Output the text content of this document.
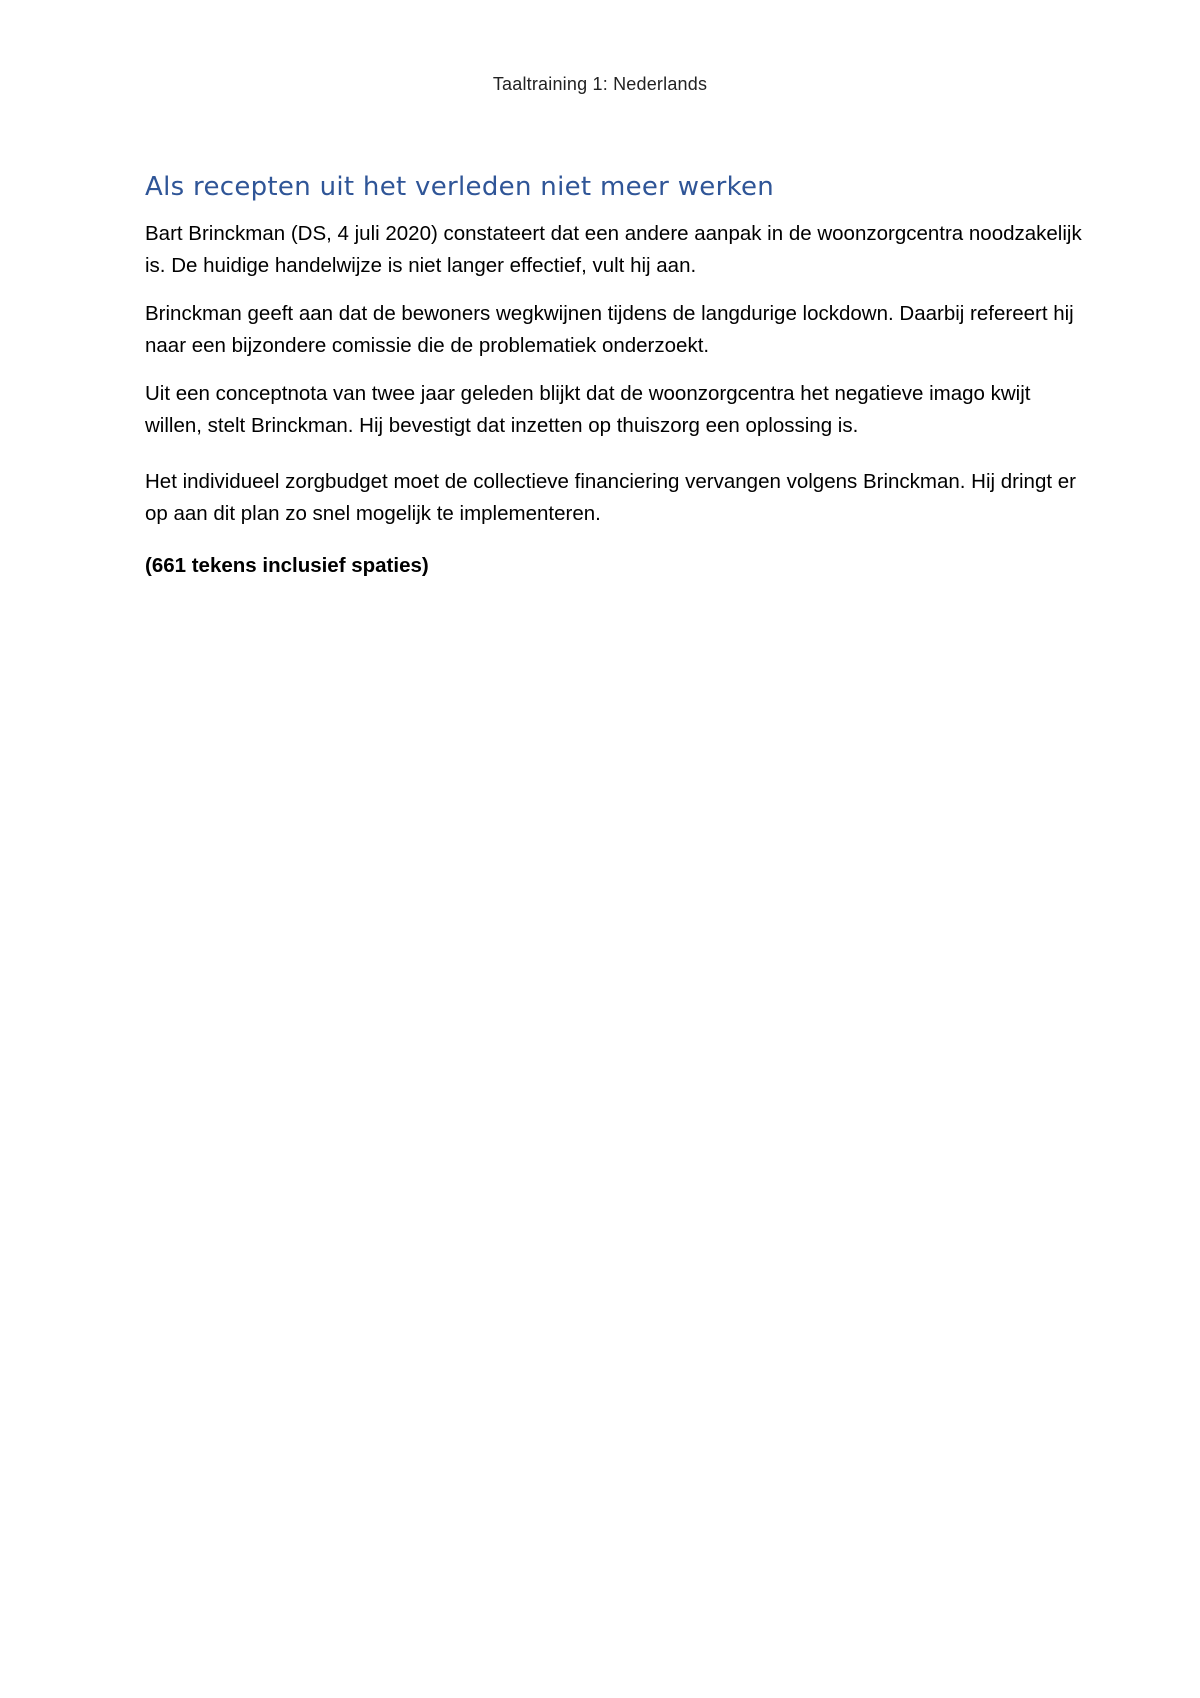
Taaltraining 1: Nederlands
Als recepten uit het verleden niet meer werken

Bart Brinckman (DS, 4 juli 2020) constateert dat een andere aanpak in de woonzorgcentra noodzakelijk is. De huidige handelwijze is niet langer effectief, vult hij aan.

Brinckman geeft aan dat de bewoners wegkwijnen tijdens de langdurige lockdown. Daarbij refereert hij naar een bijzondere comissie die de problematiek onderzoekt.

Uit een conceptnota van twee jaar geleden blijkt dat de woonzorgcentra het negatieve imago kwijt willen, stelt Brinckman. Hij bevestigt dat inzetten op thuiszorg een oplossing is.

Het individueel zorgbudget moet de collectieve financiering vervangen volgens Brinckman. Hij dringt er op aan dit plan zo snel mogelijk te implementeren.

(661 tekens inclusief spaties)
